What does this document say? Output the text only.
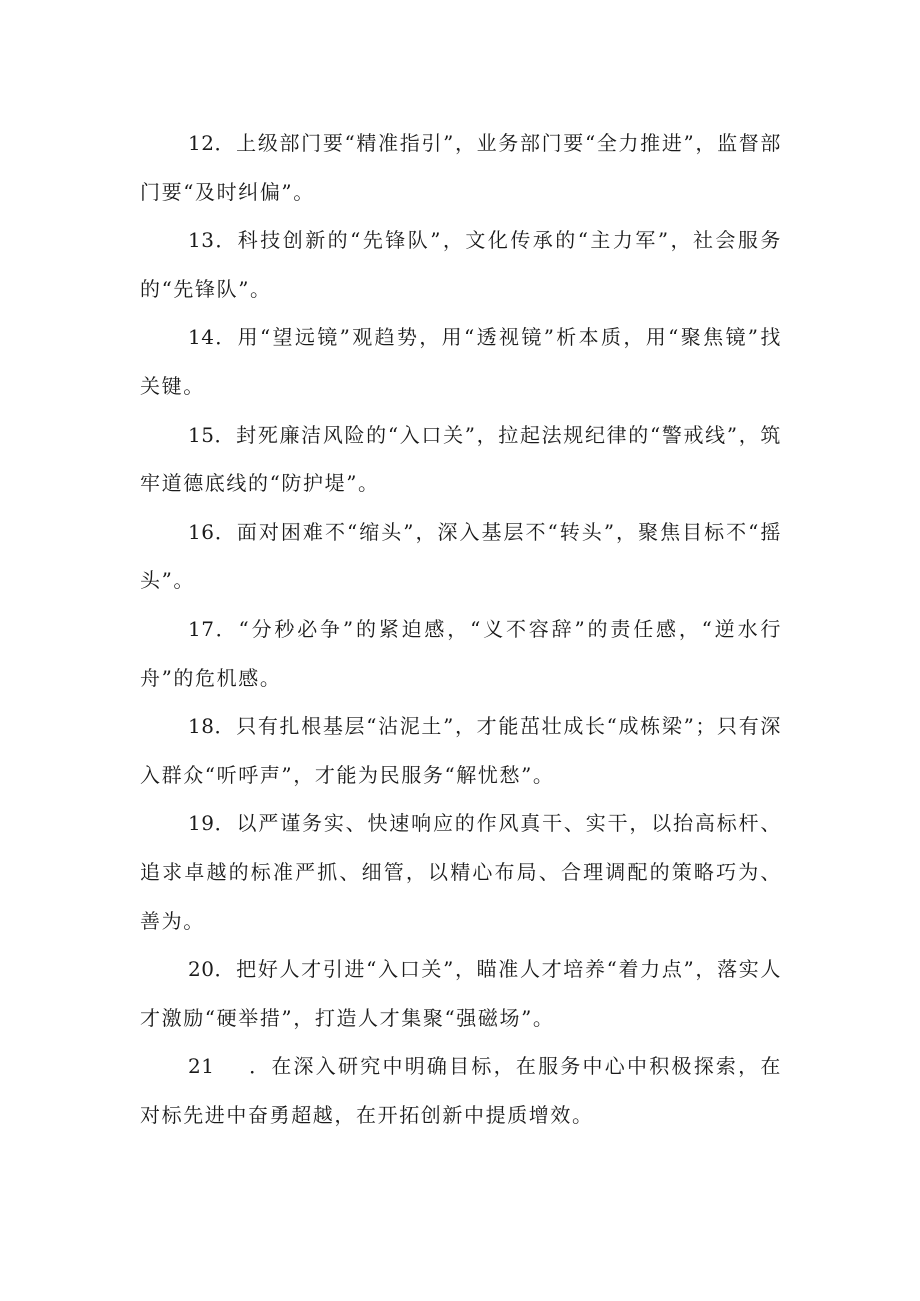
12．上级部门要“精准指引”，业务部门要“全力推进”，监督部门要“及时纠偏”。

13．科技创新的“先锋队”，文化传承的“主力军”，社会服务的“先锋队”。

14．用“望远镜”观趋势，用“透视镜”析本质，用“聚焦镜”找关键。

15．封死廉洁风险的“入口关”，拉起法规纪律的“警戒线”，筑牢道德底线的“防护堤”。

16．面对困难不“缩头”，深入基层不“转头”，聚焦目标不“摇头”。

17．“分秒必争”的紧迫感，“义不容辞”的责任感，“逆水行舟”的危机感。

18．只有扎根基层“沾泥土”，才能茁壮成长“成栋梁”；只有深入群众“听呼声”，才能为民服务“解忧愁”。

19．以严谨务实、快速响应的作风真干、实干，以抬高标杆、追求卓越的标准严抓、细管，以精心布局、合理调配的策略巧为、善为。

20．把好人才引进“入口关”，瞄准人才培养“着力点”，落实人才激励“硬举措”，打造人才集聚“强磁场”。

21 ．在深入研究中明确目标，在服务中心中积极探索，在对标先进中奋勇超越，在开拓创新中提质增效。
